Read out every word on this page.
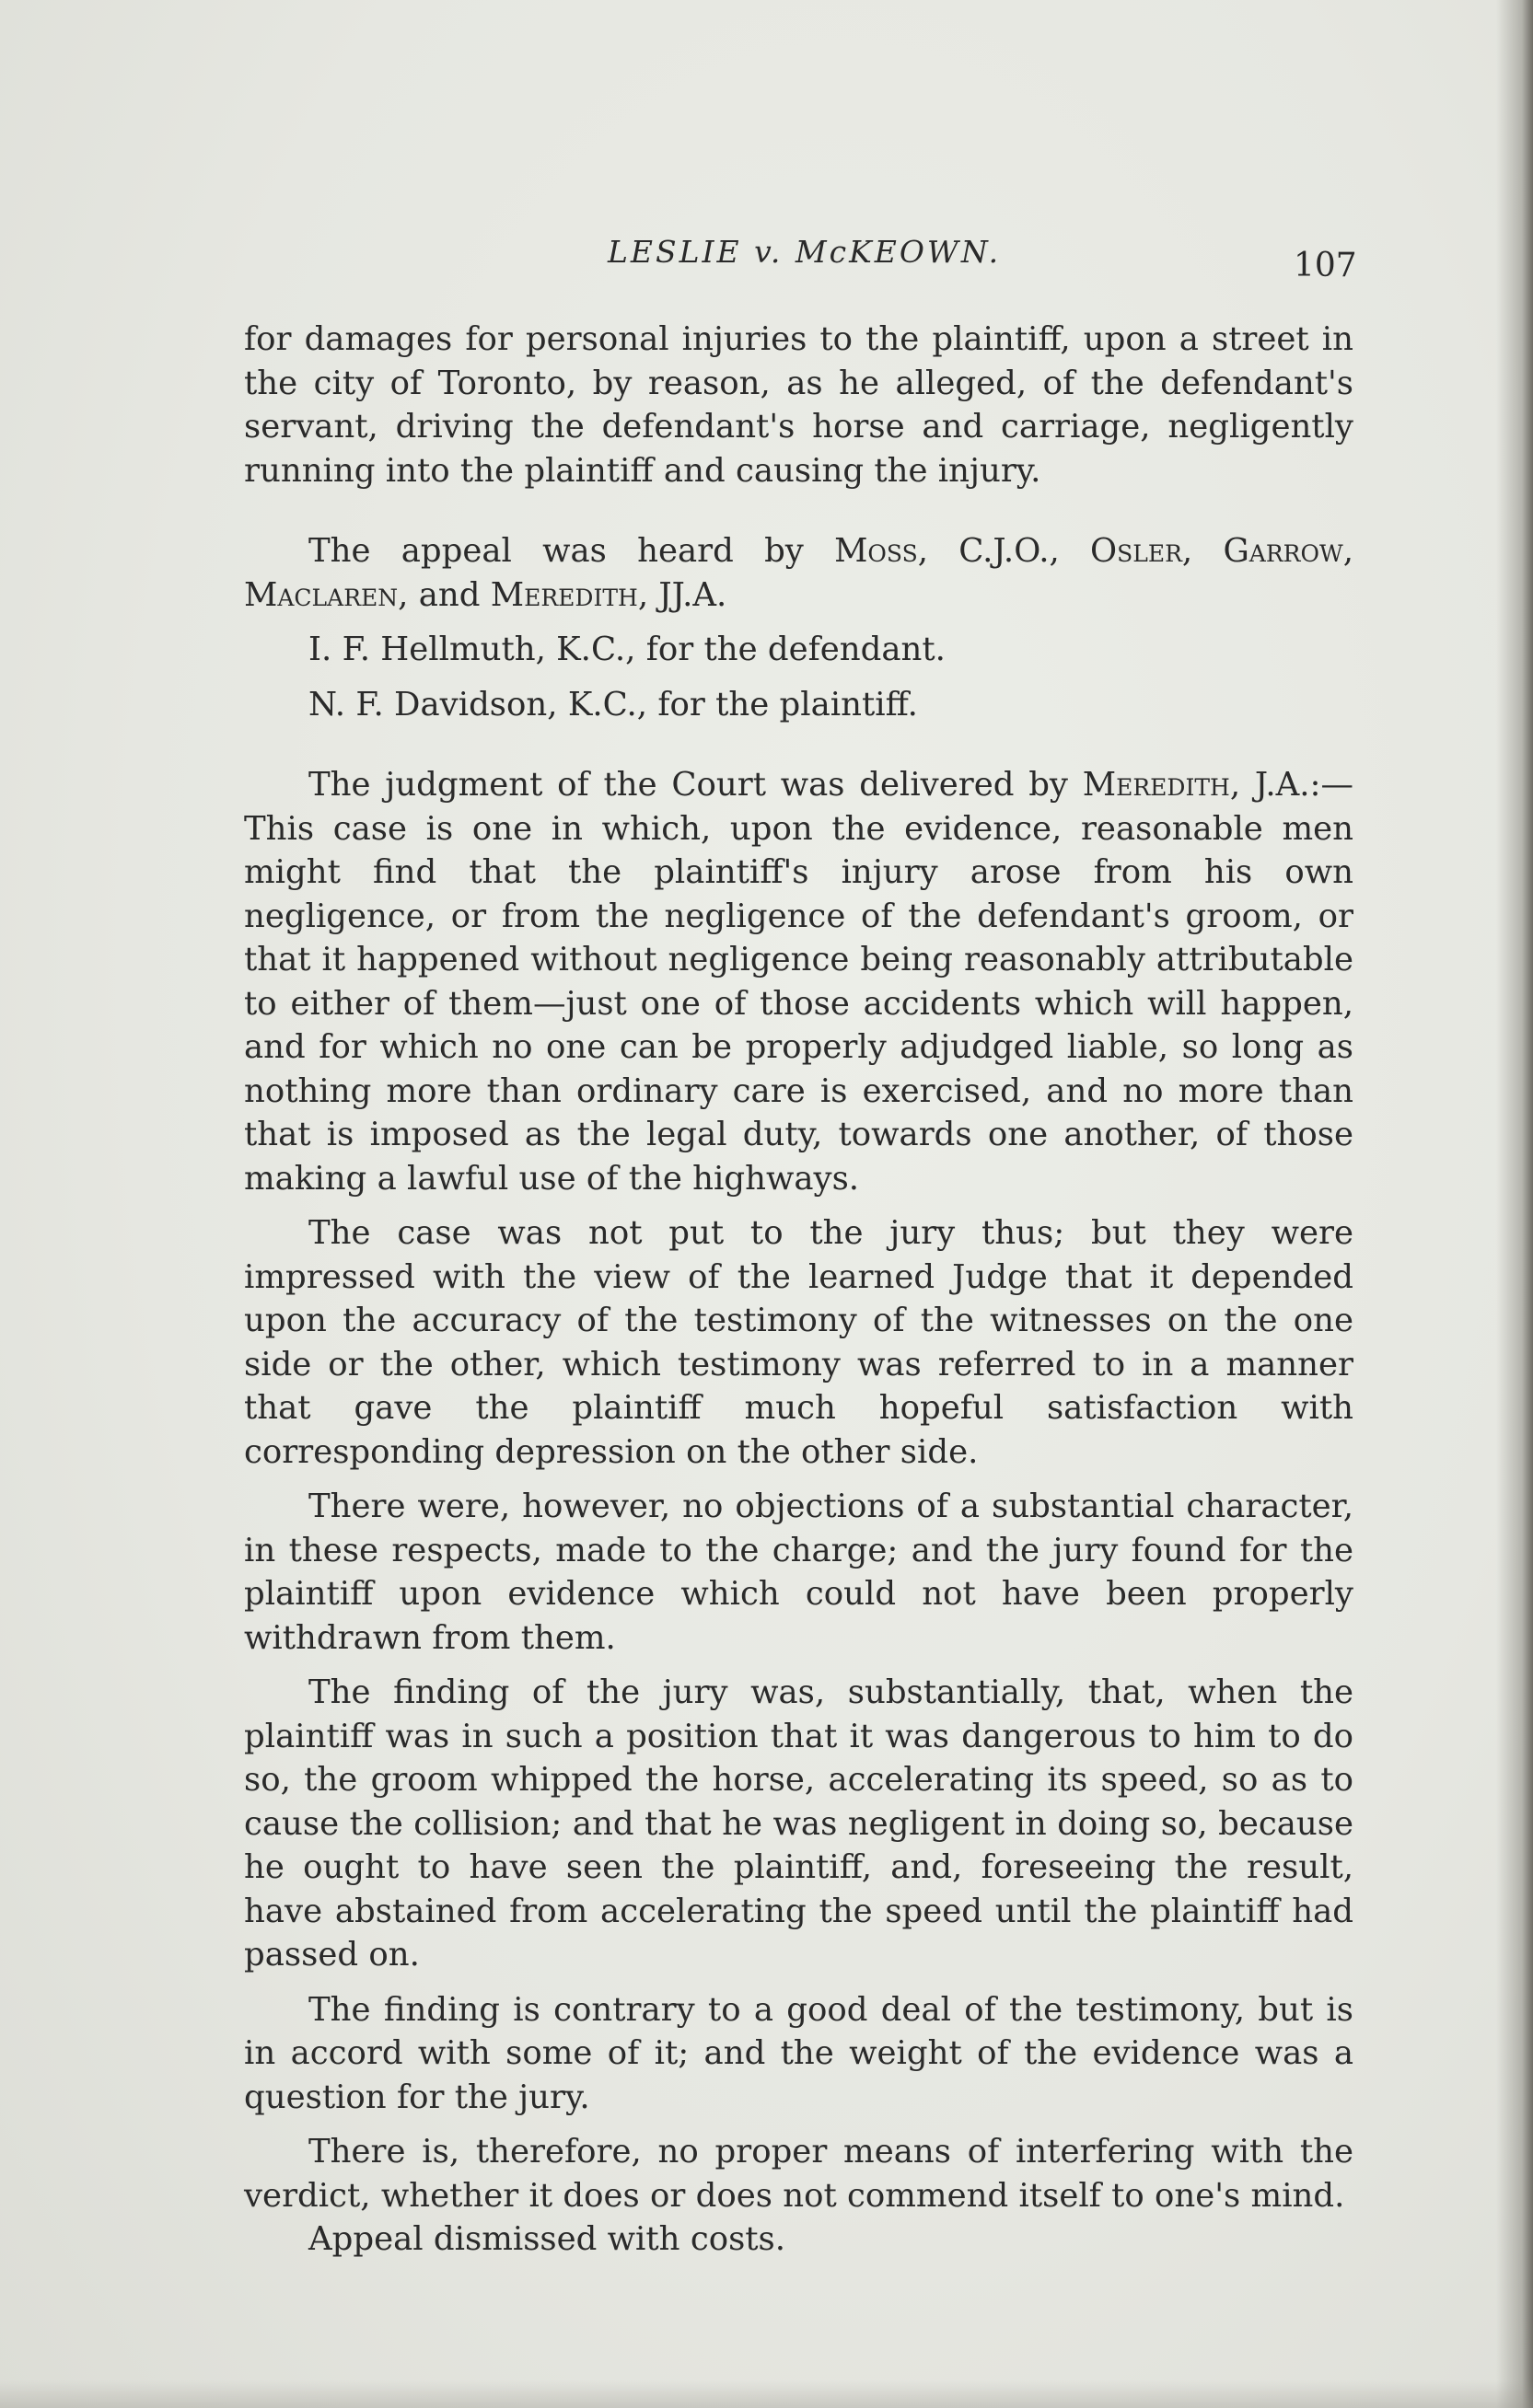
LESLIE v. McKEOWN.	107

for damages for personal injuries to the plaintiff, upon a street in the city of Toronto, by reason, as he alleged, of the defendant's servant, driving the defendant's horse and carriage, negligently running into the plaintiff and causing the injury.

The appeal was heard by Moss, C.J.O., Osler, Garrow, Maclaren, and Meredith, JJ.A.

I. F. Hellmuth, K.C., for the defendant.

N. F. Davidson, K.C., for the plaintiff.

The judgment of the Court was delivered by Meredith, J.A.:—This case is one in which, upon the evidence, reasonable men might find that the plaintiff's injury arose from his own negligence, or from the negligence of the defendant's groom, or that it happened without negligence being reasonably attributable to either of them—just one of those accidents which will happen, and for which no one can be properly adjudged liable, so long as nothing more than ordinary care is exercised, and no more than that is imposed as the legal duty, towards one another, of those making a lawful use of the highways.

The case was not put to the jury thus; but they were impressed with the view of the learned Judge that it depended upon the accuracy of the testimony of the witnesses on the one side or the other, which testimony was referred to in a manner that gave the plaintiff much hopeful satisfaction with corresponding depression on the other side.

There were, however, no objections of a substantial character, in these respects, made to the charge; and the jury found for the plaintiff upon evidence which could not have been properly withdrawn from them.

The finding of the jury was, substantially, that, when the plaintiff was in such a position that it was dangerous to him to do so, the groom whipped the horse, accelerating its speed, so as to cause the collision; and that he was negligent in doing so, because he ought to have seen the plaintiff, and, foreseeing the result, have abstained from accelerating the speed until the plaintiff had passed on.

The finding is contrary to a good deal of the testimony, but is in accord with some of it; and the weight of the evidence was a question for the jury.

There is, therefore, no proper means of interfering with the verdict, whether it does or does not commend itself to one's mind.

Appeal dismissed with costs.
